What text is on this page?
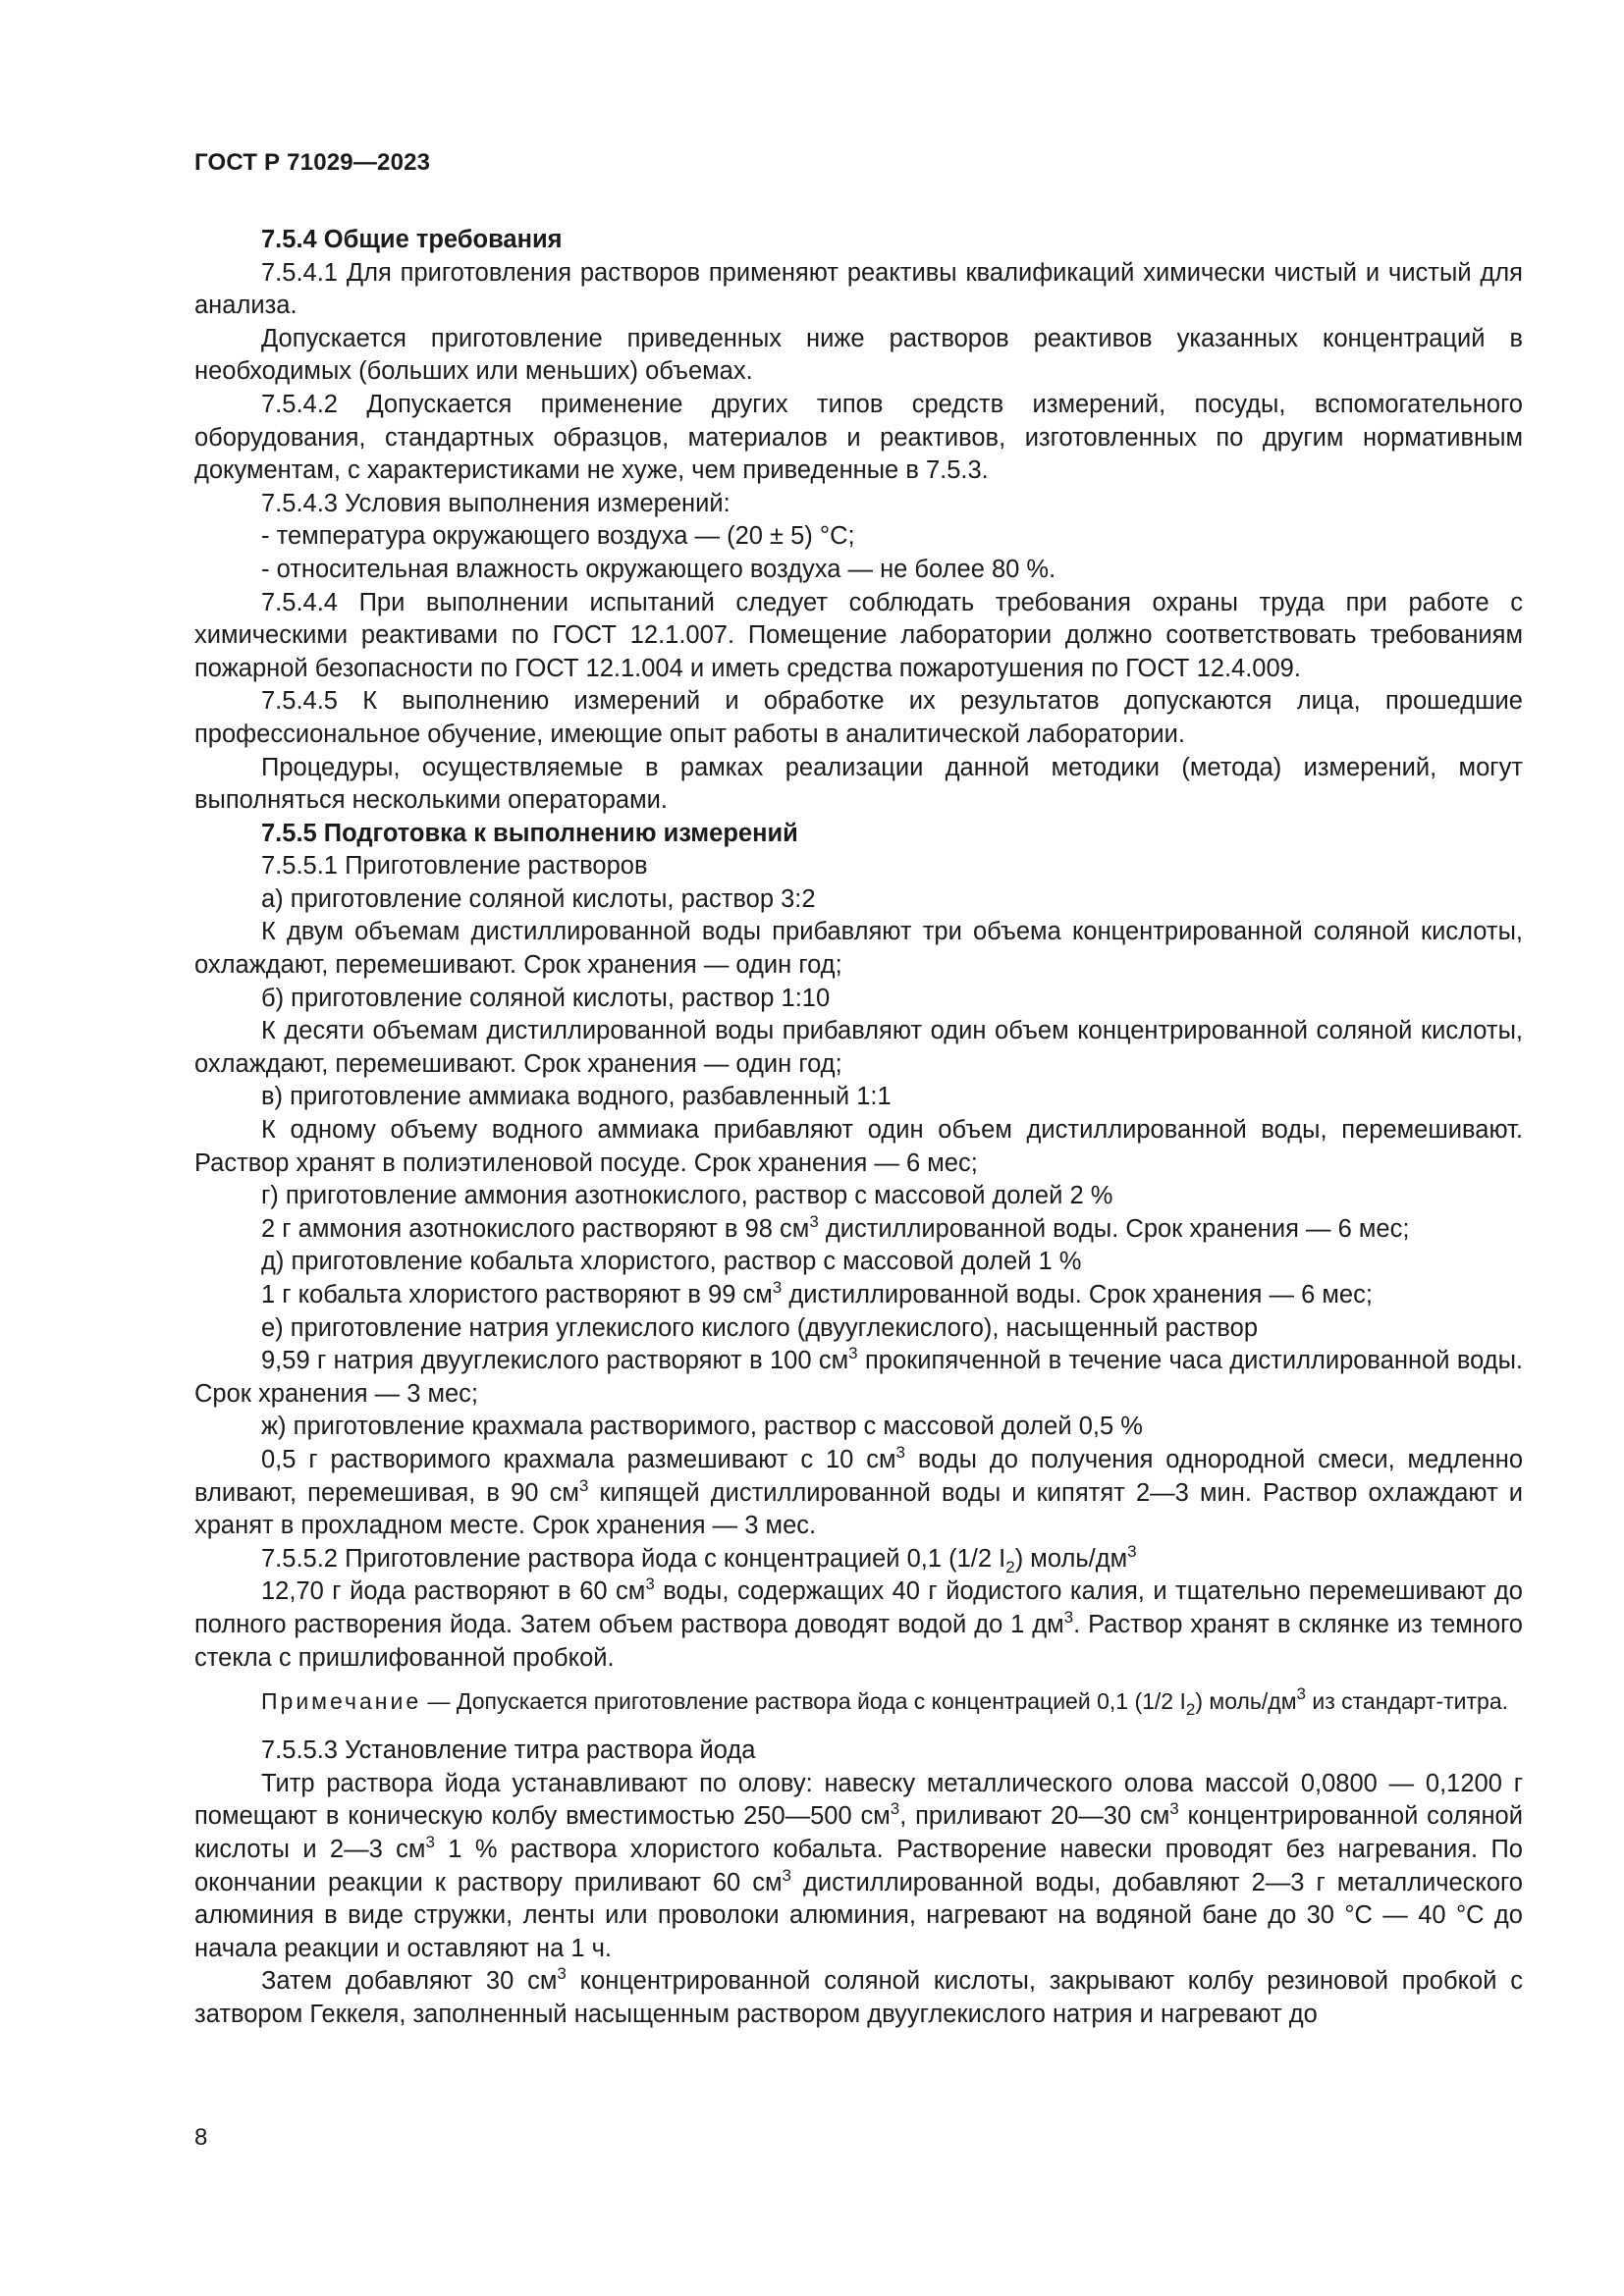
ГОСТ Р 71029—2023

7.5.4 Общие требования

7.5.4.1 Для приготовления растворов применяют реактивы квалификаций химически чистый и чистый для анализа.

Допускается приготовление приведенных ниже растворов реактивов указанных концентраций в необходимых (больших или меньших) объемах.

7.5.4.2 Допускается применение других типов средств измерений, посуды, вспомогательного оборудования, стандартных образцов, материалов и реактивов, изготовленных по другим нормативным документам, с характеристиками не хуже, чем приведенные в 7.5.3.

7.5.4.3 Условия выполнения измерений:

- температура окружающего воздуха — (20 ± 5) °C;

- относительная влажность окружающего воздуха — не более 80 %.

7.5.4.4 При выполнении испытаний следует соблюдать требования охраны труда при работе с химическими реактивами по ГОСТ 12.1.007. Помещение лаборатории должно соответствовать требованиям пожарной безопасности по ГОСТ 12.1.004 и иметь средства пожаротушения по ГОСТ 12.4.009.

7.5.4.5 К выполнению измерений и обработке их результатов допускаются лица, прошедшие профессиональное обучение, имеющие опыт работы в аналитической лаборатории.

Процедуры, осуществляемые в рамках реализации данной методики (метода) измерений, могут выполняться несколькими операторами.

7.5.5 Подготовка к выполнению измерений

7.5.5.1 Приготовление растворов

а) приготовление соляной кислоты, раствор 3:2

К двум объемам дистиллированной воды прибавляют три объема концентрированной соляной кислоты, охлаждают, перемешивают. Срок хранения — один год;

б) приготовление соляной кислоты, раствор 1:10

К десяти объемам дистиллированной воды прибавляют один объем концентрированной соляной кислоты, охлаждают, перемешивают. Срок хранения — один год;

в) приготовление аммиака водного, разбавленный 1:1

К одному объему водного аммиака прибавляют один объем дистиллированной воды, перемешивают. Раствор хранят в полиэтиленовой посуде. Срок хранения — 6 мес;

г) приготовление аммония азотнокислого, раствор с массовой долей 2 %

2 г аммония азотнокислого растворяют в 98 $см^3$ дистиллированной воды. Срок хранения — 6 мес;

д) приготовление кобальта хлористого, раствор с массовой долей 1 %

1 г кобальта хлористого растворяют в 99 $см^3$ дистиллированной воды. Срок хранения — 6 мес;

е) приготовление натрия углекислого кислого (двууглекислого), насыщенный раствор

9,59 г натрия двууглекислого растворяют в 100 $см^3$ прокипяченной в течение часа дистиллированной воды. Срок хранения — 3 мес;

ж) приготовление крахмала растворимого, раствор с массовой долей 0,5 %

0,5 г растворимого крахмала размешивают с 10 $см^3$ воды до получения однородной смеси, медленно вливают, перемешивая, в 90 $см^3$ кипящей дистиллированной воды и кипятят 2—3 мин. Раствор охлаждают и хранят в прохладном месте. Срок хранения — 3 мес.

7.5.5.2 Приготовление раствора йода с концентрацией 0,1 (1/2 $I_2$) моль/$дм^3$

12,70 г йода растворяют в 60 $см^3$ воды, содержащих 40 г йодистого калия, и тщательно перемешивают до полного растворения йода. Затем объем раствора доводят водой до 1 $дм^3$. Раствор хранят в склянке из темного стекла с пришлифованной пробкой.

Примечание — Допускается приготовление раствора йода с концентрацией 0,1 (1/2 $I_2$) моль/$дм^3$ из стандарт-титра.

7.5.5.3 Установление титра раствора йода

Титр раствора йода устанавливают по олову: навеску металлического олова массой 0,0800 — 0,1200 г помещают в коническую колбу вместимостью 250—500 $см^3$, приливают 20—30 $см^3$ концентрированной соляной кислоты и 2—3 $см^3$ 1 % раствора хлористого кобальта. Растворение навески проводят без нагревания. По окончании реакции к раствору приливают 60 $см^3$ дистиллированной воды, добавляют 2—3 г металлического алюминия в виде стружки, ленты или проволоки алюминия, нагревают на водяной бане до 30 °C — 40 °C до начала реакции и оставляют на 1 ч.

Затем добавляют 30 $см^3$ концентрированной соляной кислоты, закрывают колбу резиновой пробкой с затвором Геккеля, заполненный насыщенным раствором двууглекислого натрия и нагревают до

8
